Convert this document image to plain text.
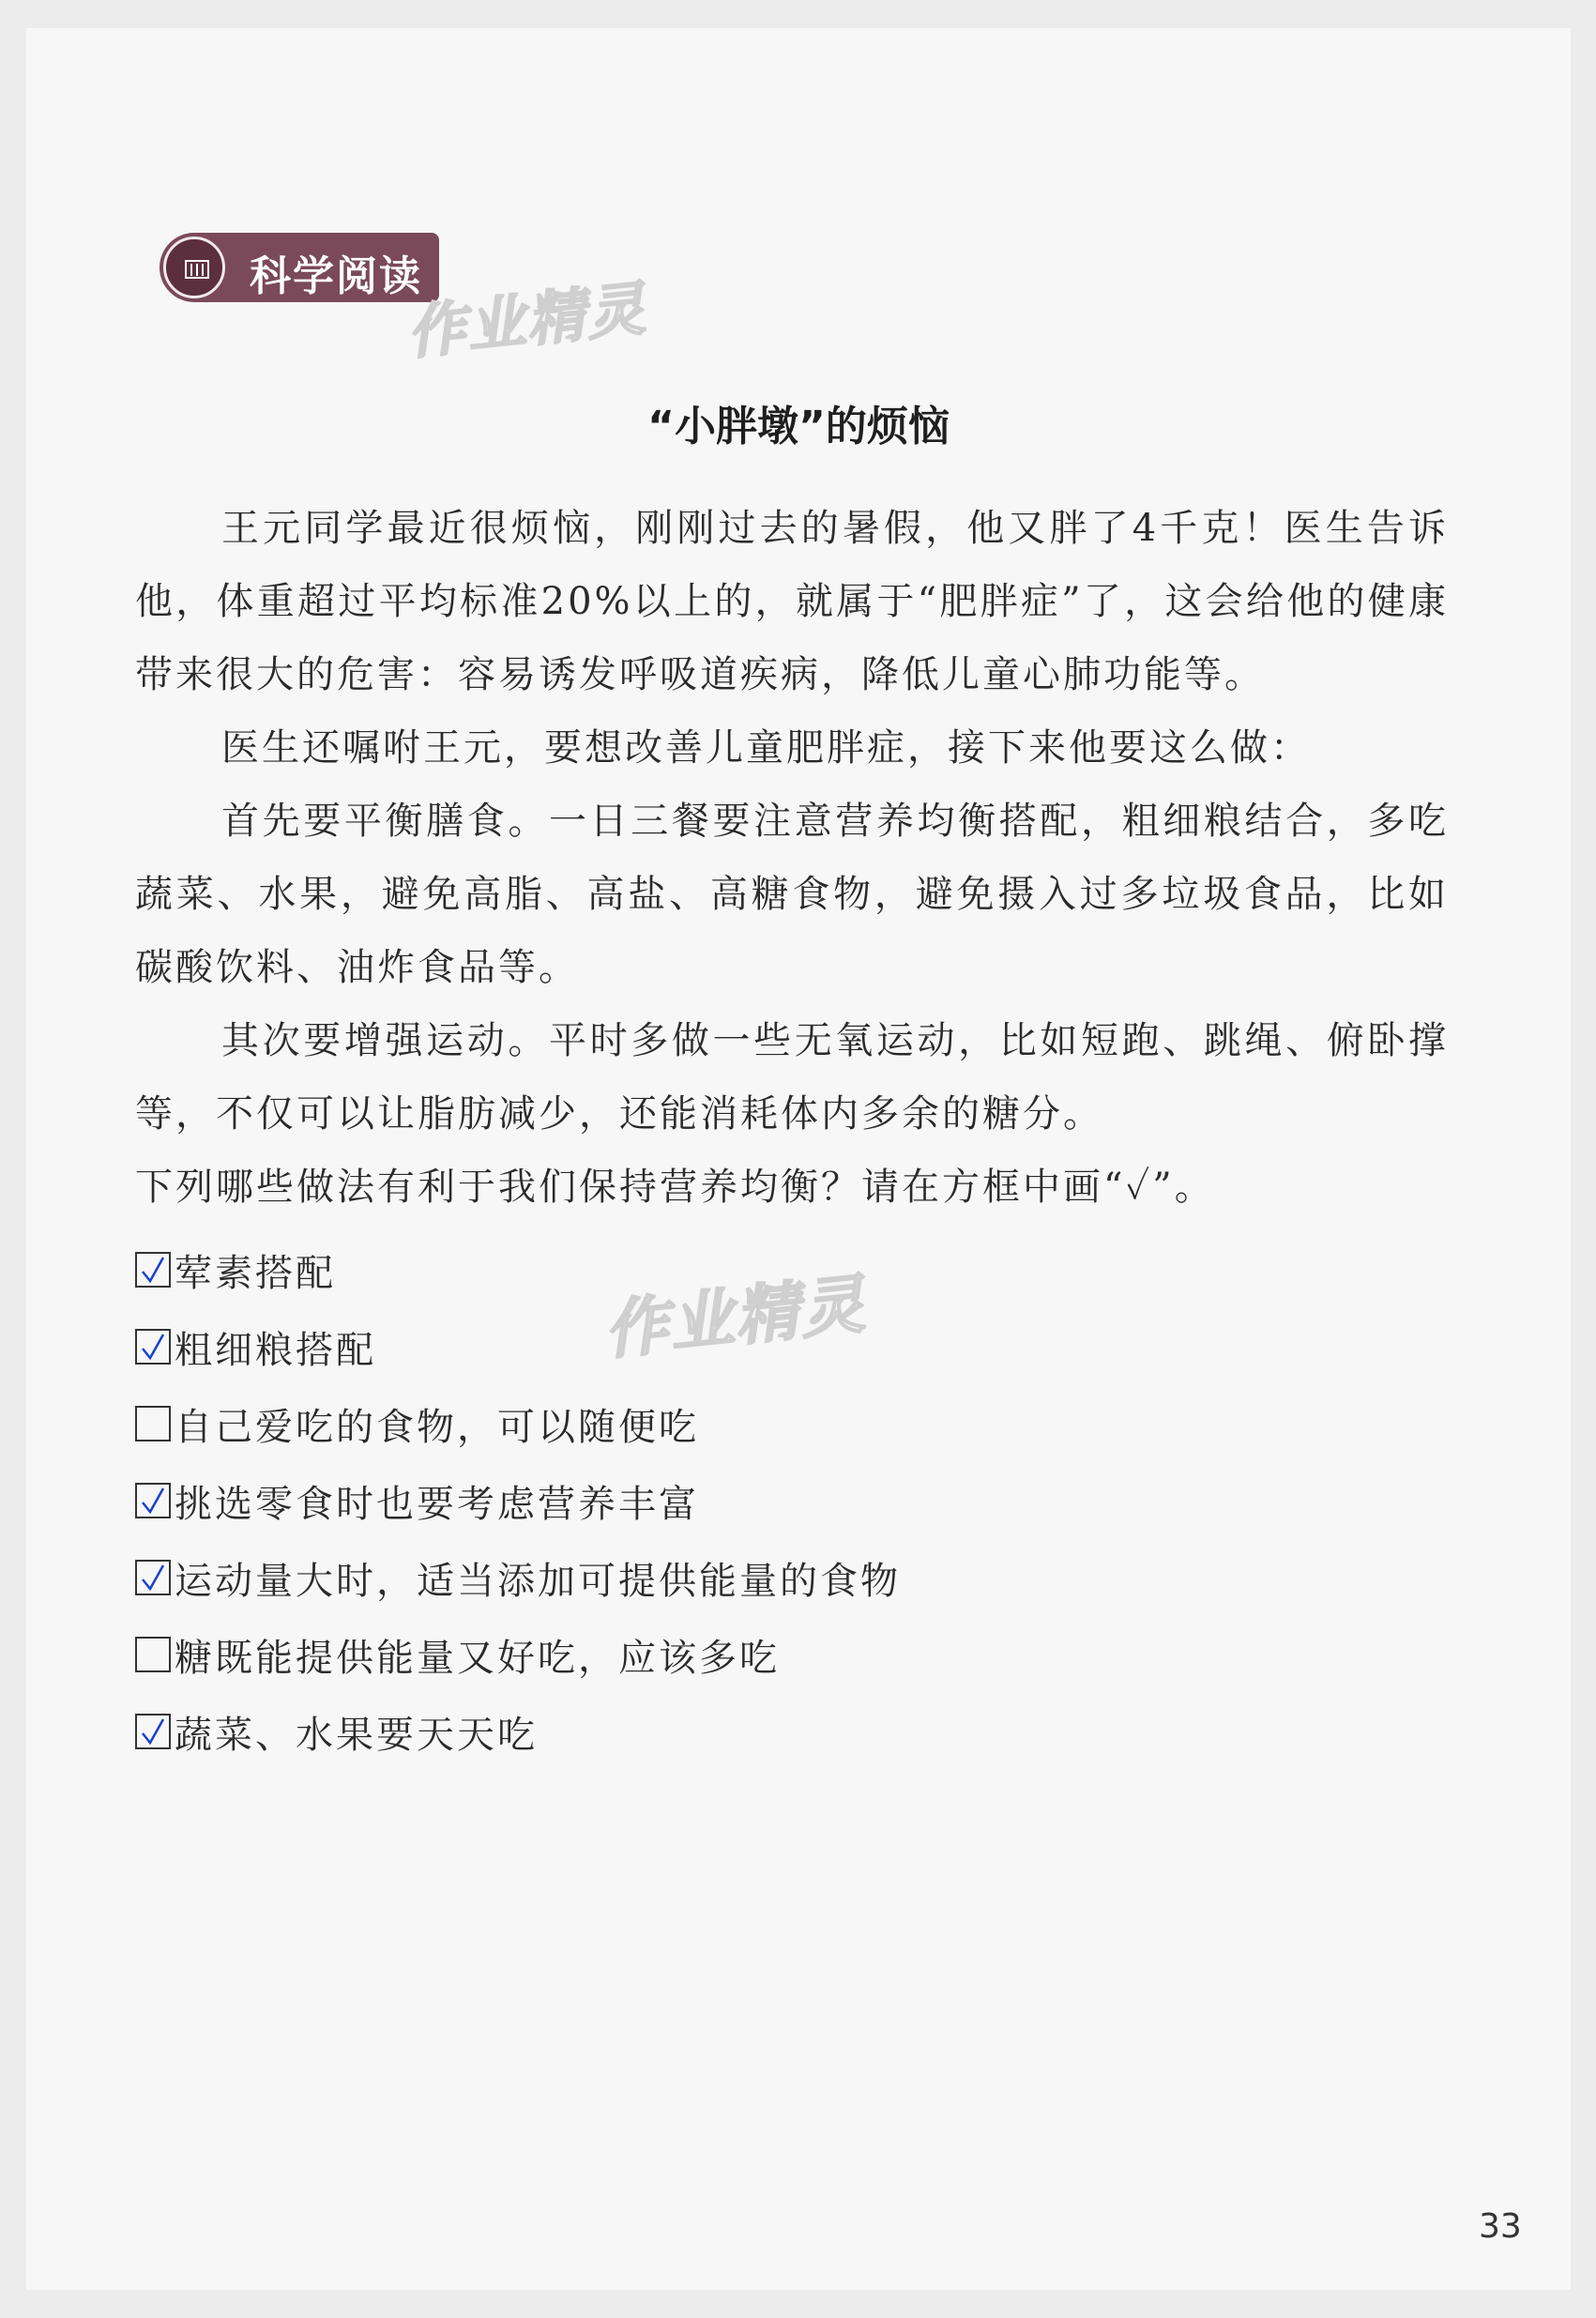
科学阅读
作业精灵
作业精灵
“小胖墩”的烦恼

王元同学最近很烦恼，刚刚过去的暑假，他又胖了4千克！医生告诉他，体重超过平均标准20%以上的，就属于“肥胖症”了，这会给他的健康带来很大的危害：容易诱发呼吸道疾病，降低儿童心肺功能等。

医生还嘱咐王元，要想改善儿童肥胖症，接下来他要这么做：

首先要平衡膳食。一日三餐要注意营养均衡搭配，粗细粮结合，多吃蔬菜、水果，避免高脂、高盐、高糖食物，避免摄入过多垃圾食品，比如碳酸饮料、油炸食品等。

其次要增强运动。平时多做一些无氧运动，比如短跑、跳绳、俯卧撑等，不仅可以让脂肪减少，还能消耗体内多余的糖分。

下列哪些做法有利于我们保持营养均衡？请在方框中画“✓”。
荤素搭配
粗细粮搭配
自己爱吃的食物，可以随便吃
挑选零食时也要考虑营养丰富
运动量大时，适当添加可提供能量的食物
糖既能提供能量又好吃，应该多吃
蔬菜、水果要天天吃
33
